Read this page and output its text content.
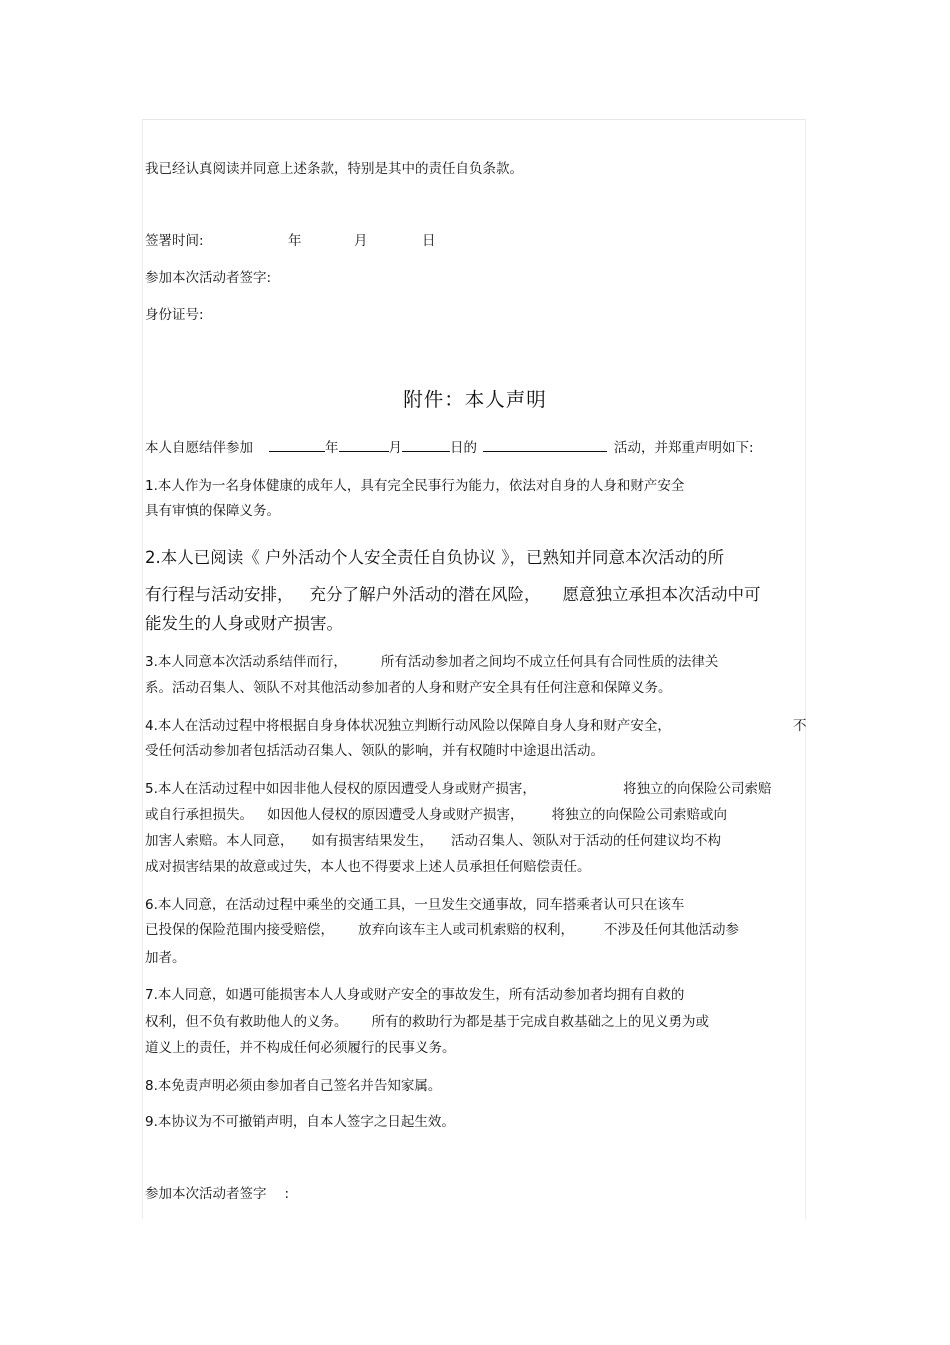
我已经认真阅读并同意上述条款，特别是其中的责任自负条款。
签署时间:	年	月	日
参加本次活动者签字:
身份证号:
附件：本人声明
本人自愿结伴参加	年	月	日的	活动，并郑重声明如下:
1.本人作为一名身体健康的成年人，具有完全民事行为能力，依法对自身的人身和财产安全
具有审慎的保障义务。
2.本人已阅读《 户外活动个人安全责任自负协议 》，已熟知并同意本次活动的所
有行程与活动安排， 充分了解户外活动的潜在风险， 愿意独立承担本次活动中可
能发生的人身或财产损害。
3.本人同意本次活动系结伴而行，	所有活动参加者之间均不成立任何具有合同性质的法律关
系。活动召集人、领队不对其他活动参加者的人身和财产安全具有任何注意和保障义务。
4.本人在活动过程中将根据自身身体状况独立判断行动风险以保障自身人身和财产安全，	不
受任何活动参加者包括活动召集人、领队的影响，并有权随时中途退出活动。
5.本人在活动过程中如因非他人侵权的原因遭受人身或财产损害，	将独立的向保险公司索赔
或自行承担损失。 如因他人侵权的原因遭受人身或财产损害， 将独立的向保险公司索赔或向
加害人索赔。本人同意， 如有损害结果发生， 活动召集人、领队对于活动的任何建议均不构
成对损害结果的故意或过失，本人也不得要求上述人员承担任何赔偿责任。
6.本人同意，在活动过程中乘坐的交通工具，一旦发生交通事故，同车搭乘者认可只在该车
已投保的保险范围内接受赔偿， 放弃向该车主人或司机索赔的权利， 不涉及任何其他活动参
加者。
7.本人同意，如遇可能损害本人人身或财产安全的事故发生，所有活动参加者均拥有自救的
权利，但不负有救助他人的义务。 所有的救助行为都是基于完成自救基础之上的见义勇为或
道义上的责任，并不构成任何必须履行的民事义务。
8.本免责声明必须由参加者自己签名并告知家属。
9.本协议为不可撤销声明，自本人签字之日起生效。
参加本次活动者签字 :
